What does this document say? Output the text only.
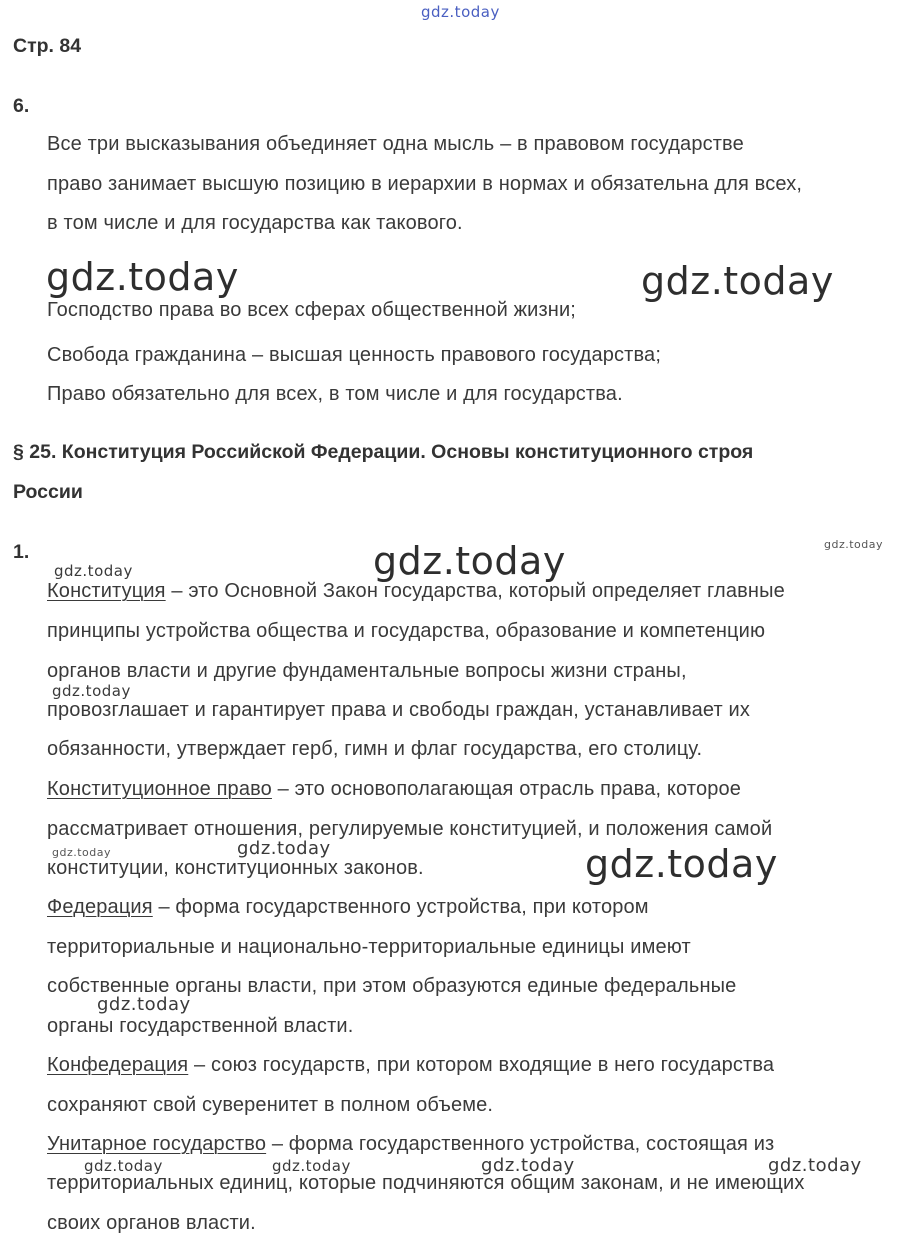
gdz.today
gdz.today	gdz.today
gdz.today	gdz.today
gdz.today
gdz.today
gdz.today	gdz.today	gdz.today
gdz.today
gdz.today	gdz.today	gdz.today	gdz.today
Стр. 84
6.
Все три высказывания объединяет одна мысль – в правовом государстве
право занимает высшую позицию в иерархии в нормах и обязательна для всех,
в том числе и для государства как такового.
Господство права во всех сферах общественной жизни;
Свобода гражданина – высшая ценность правового государства;
Право обязательно для всех, в том числе и для государства.
§ 25. Конституция Российской Федерации. Основы конституционного строя
России
1.
Конституция – это Основной Закон государства, который определяет главные
принципы устройства общества и государства, образование и компетенцию
органов власти и другие фундаментальные вопросы жизни страны,
провозглашает и гарантирует права и свободы граждан, устанавливает их
обязанности, утверждает герб, гимн и флаг государства, его столицу.
Конституционное право – это основополагающая отрасль права, которое
рассматривает отношения, регулируемые конституцией, и положения самой
конституции, конституционных законов.
Федерация – форма государственного устройства, при котором
территориальные и национально-территориальные единицы имеют
собственные органы власти, при этом образуются единые федеральные
органы государственной власти.
Конфедерация – союз государств, при котором входящие в него государства
сохраняют свой суверенитет в полном объеме.
Унитарное государство – форма государственного устройства, состоящая из
территориальных единиц, которые подчиняются общим законам, и не имеющих
своих органов власти.
